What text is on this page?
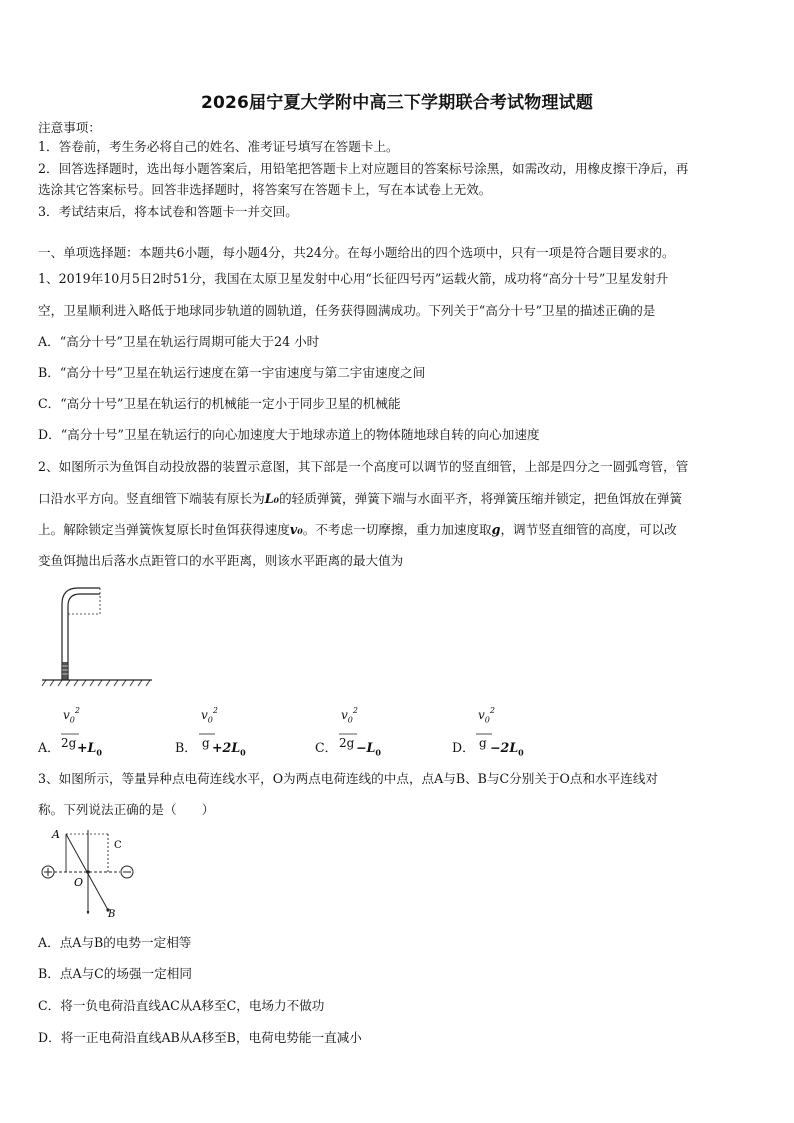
2026届宁夏大学附中高三下学期联合考试物理试题
注意事项：
1．答卷前，考生务必将自己的姓名、准考证号填写在答题卡上。
2．回答选择题时，选出每小题答案后，用铅笔把答题卡上对应题目的答案标号涂黑，如需改动，用橡皮擦干净后，再
选涂其它答案标号。回答非选择题时，将答案写在答题卡上，写在本试卷上无效。
3．考试结束后，将本试卷和答题卡一并交回。
一、单项选择题：本题共6小题，每小题4分，共24分。在每小题给出的四个选项中，只有一项是符合题目要求的。
1、2019年10月5日2时51分，我国在太原卫星发射中心用“长征四号丙”运载火箭，成功将“高分十号”卫星发射升
空，卫星顺利进入略低于地球同步轨道的圆轨道，任务获得圆满成功。下列关于“高分十号”卫星的描述正确的是
A．“高分十号”卫星在轨运行周期可能大于24 小时
B．“高分十号”卫星在轨运行速度在第一宇宙速度与第二宇宙速度之间
C．“高分十号”卫星在轨运行的机械能一定小于同步卫星的机械能
D．“高分十号”卫星在轨运行的向心加速度大于地球赤道上的物体随地球自转的向心加速度
2、如图所示为鱼饵自动投放器的装置示意图，其下部是一个高度可以调节的竖直细管，上部是四分之一圆弧弯管，管
口沿水平方向。竖直细管下端装有原长为L₀的轻质弹簧，弹簧下端与水面平齐，将弹簧压缩并锁定，把鱼饵放在弹簧
上。解除锁定当弹簧恢复原长时鱼饵获得速度v₀。不考虑一切摩擦，重力加速度取g，调节竖直细管的高度，可以改
变鱼饵抛出后落水点距管口的水平距离，则该水平距离的最大值为
A．
$v_0^2$
$2g +L_0$	B．
$v_0^2$
$g +2L_0$	C．
$v_0^2$
$2g -L_0$	D．
$v_0^2$
$g -2L_0$
3、如图所示，等量异种点电荷连线水平，O为两点电荷连线的中点，点A与B、B与C分别关于O点和水平连线对
称。下列说法正确的是（　　）
A
C
O
B
A．点A与B的电势一定相等
B．点A与C的场强一定相同
C．将一负电荷沿直线AC从A移至C，电场力不做功
D．将一正电荷沿直线AB从A移至B，电荷电势能一直减小
